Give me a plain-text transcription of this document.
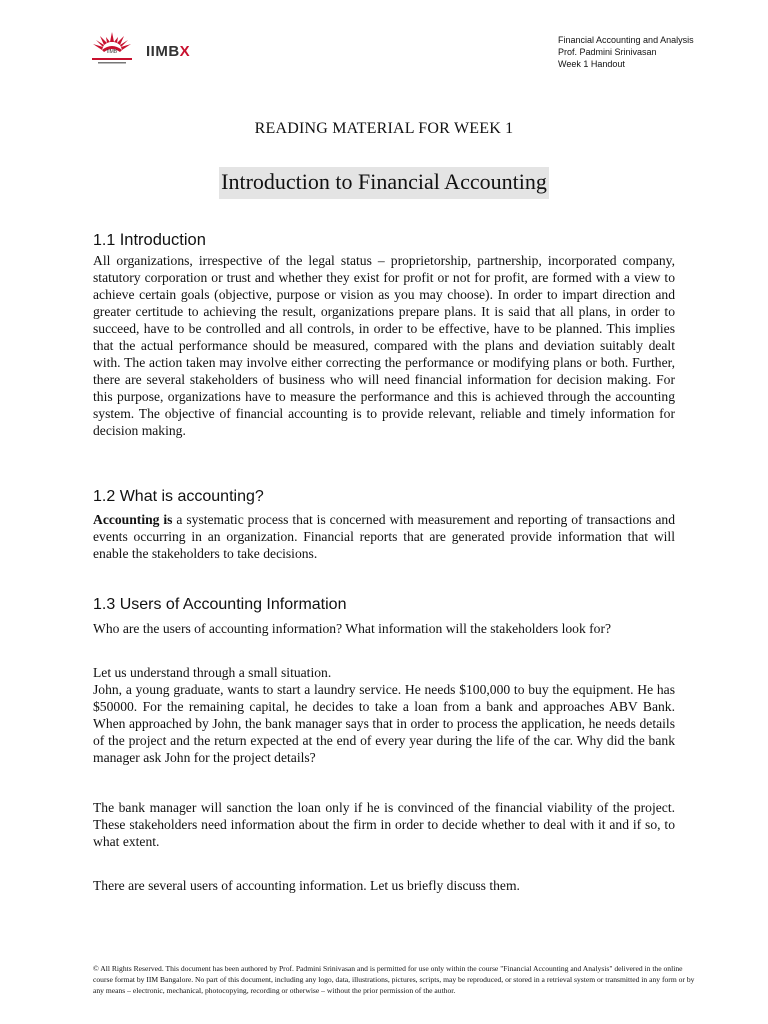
IIMB IIMBX
Financial Accounting and Analysis
Prof. Padmini Srinivasan
Week 1 Handout
READING MATERIAL FOR WEEK 1
Introduction to Financial Accounting
1.1 Introduction

All organizations, irrespective of the legal status – proprietorship, partnership, incorporated company, statutory corporation or trust and whether they exist for profit or not for profit, are formed with a view to achieve certain goals (objective, purpose or vision as you may choose). In order to impart direction and greater certitude to achieving the result, organizations prepare plans. It is said that all plans, in order to succeed, have to be controlled and all controls, in order to be effective, have to be planned. This implies that the actual performance should be measured, compared with the plans and deviation suitably dealt with. The action taken may involve either correcting the performance or modifying plans or both. Further, there are several stakeholders of business who will need financial information for decision making. For this purpose, organizations have to measure the performance and this is achieved through the accounting system. The objective of financial accounting is to provide relevant, reliable and timely information for decision making.

1.2 What is accounting?

Accounting is a systematic process that is concerned with measurement and reporting of transactions and events occurring in an organization. Financial reports that are generated provide information that will enable the stakeholders to take decisions.

1.3 Users of Accounting Information

Who are the users of accounting information? What information will the stakeholders look for?

Let us understand through a small situation.

John, a young graduate, wants to start a laundry service. He needs $100,000 to buy the equipment. He has $50000. For the remaining capital, he decides to take a loan from a bank and approaches ABV Bank. When approached by John, the bank manager says that in order to process the application, he needs details of the project and the return expected at the end of every year during the life of the car. Why did the bank manager ask John for the project details?

The bank manager will sanction the loan only if he is convinced of the financial viability of the project. These stakeholders need information about the firm in order to decide whether to deal with it and if so, to what extent.

There are several users of accounting information. Let us briefly discuss them.

© All Rights Reserved. This document has been authored by Prof. Padmini Srinivasan and is permitted for use only within the course "Financial Accounting and Analysis" delivered in the online course format by IIM Bangalore. No part of this document, including any logo, data, illustrations, pictures, scripts, may be reproduced, or stored in a retrieval system or transmitted in any form or by any means – electronic, mechanical, photocopying, recording or otherwise – without the prior permission of the author.
